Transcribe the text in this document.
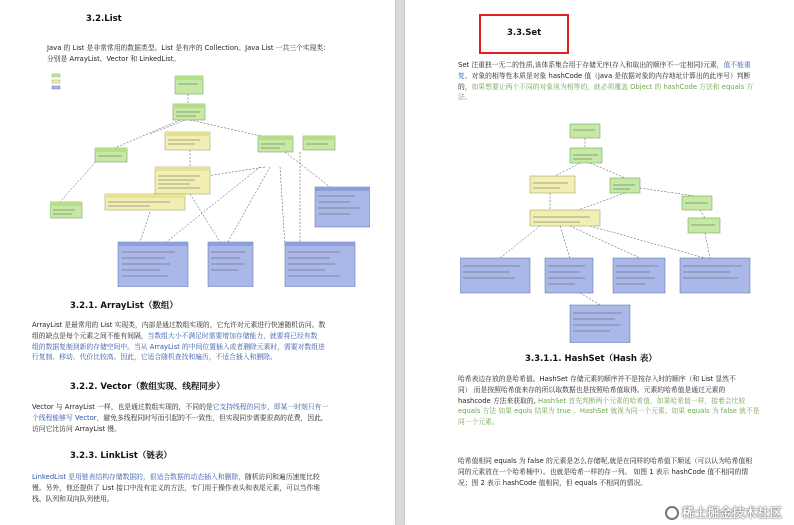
3.2.List
Java 的 List 是非常常用的数据类型。List 是有序的 Collection。Java List 一共三个实现类:
分别是 ArrayList、Vector 和 LinkedList。
3.2.1. ArrayList（数组）
ArrayList 是最常用的 List 实现类，内部是通过数组实现的，它允许对元素进行快速随机访问。数
组的缺点是每个元素之间不能有间隔，当数组大小不满足时需要增加存储能力，就要将已经有数
组的数据复制到新的存储空间中。当从 ArrayList 的中间位置插入或者删除元素时，需要对数组进
行复制、移动、代价比较高。因此，它适合随机查找和遍历，不适合插入和删除。
3.2.2. Vector（数组实现、线程同步）
Vector 与 ArrayList 一样，也是通过数组实现的，不同的是它支持线程的同步，即某一时刻只有一
个线程能够写 Vector，避免多线程同时写而引起的不一致性，但实现同步需要很高的花费，因此,
访问它比访问 ArrayList 慢。
3.2.3. LinkList（链表）
LinkedList 是用链表结构存储数据的，很适合数据的动态插入和删除，随机访问和遍历速度比较
慢。另外，他还提供了 List 接口中没有定义的方法，专门用于操作表头和表尾元素，可以当作堆
栈、队列和双向队列使用。
3.3.Set
Set 注重独一无二的性质,该体系集合用于存储无序(存入和取出的顺序不一定相同)元素，值不能重
复。对象的相等性本质是对象 hashCode 值（java 是依据对象的内存地址计算出的此序号）判断
的，如果想要让两个不同的对象视为相等的，就必须覆盖 Object 的 hashCode 方法和 equals 方
法。
3.3.1.1. HashSet（Hash 表）
哈希表边存放的是哈希值。HashSet 存储元素的顺序并不是按存入时的顺序（和 List 显然不
同） 而是按照哈希值来存的所以取数据也是按照哈希值取得。元素的哈希值是通过元素的
hashcode 方法来获取的, HashSet 首先判断两个元素的哈希值，如果哈希值一样，接着会比较
equals 方法 如果 equls 结果为 true ，HashSet 就视为同一个元素。如果 equals 为 false 就不是
同一个元素。
哈希值相同 equals 为 false 的元素是怎么存储呢,就是在同样的哈希值下顺延（可以认为哈希值相
同的元素放在一个哈希桶中）。也就是哈希一样的存一列。 如图 1 表示 hashCode 值不相同的情
况；图 2 表示 hashCode 值相同，但 equals 不相同的情况。
稀土掘金技术社区
